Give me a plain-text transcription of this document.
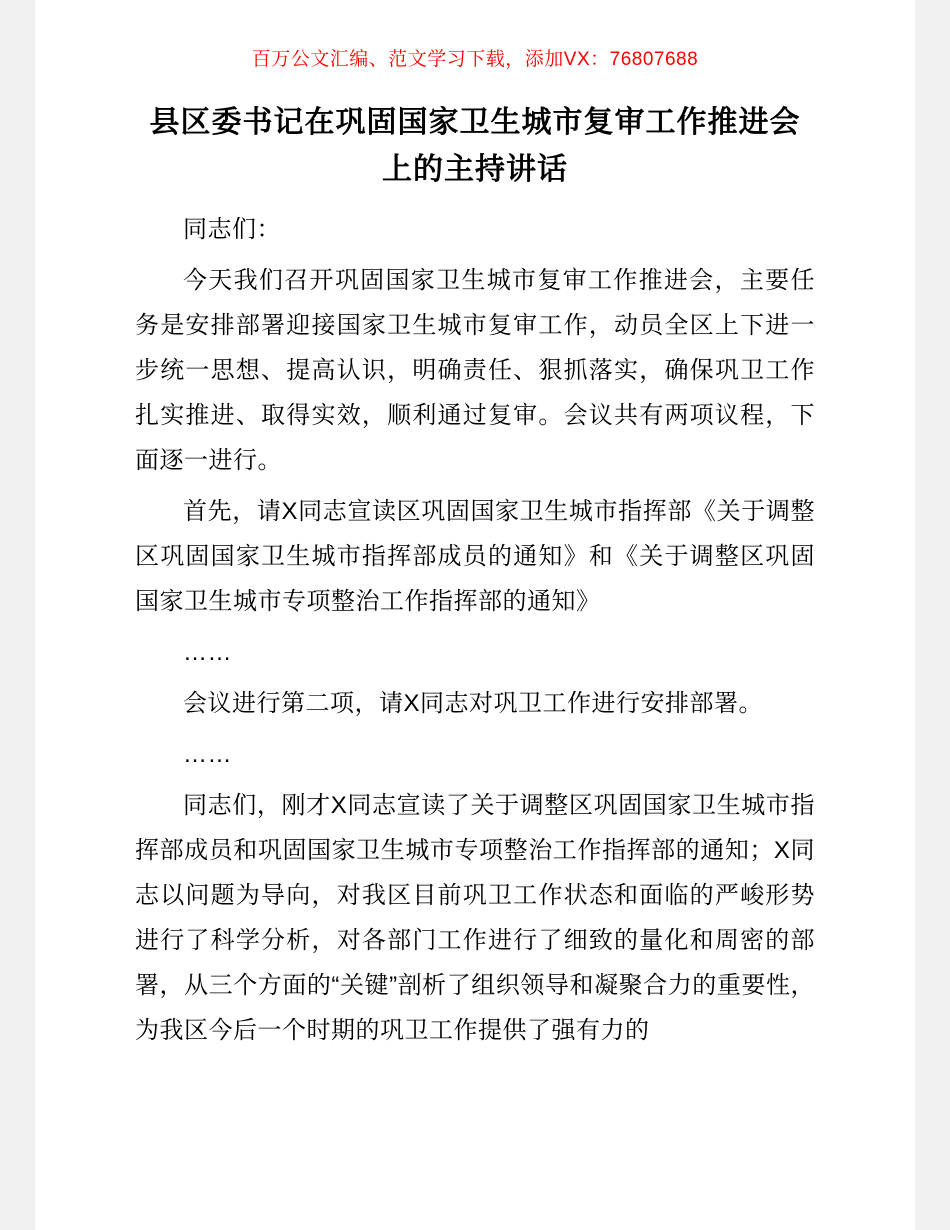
百万公文汇编、范文学习下载，添加VX：76807688
县区委书记在巩固国家卫生城市复审工作推进会上的主持讲话

同志们：

今天我们召开巩固国家卫生城市复审工作推进会，主要任务是安排部署迎接国家卫生城市复审工作，动员全区上下进一步统一思想、提高认识，明确责任、狠抓落实，确保巩卫工作扎实推进、取得实效，顺利通过复审。会议共有两项议程，下面逐一进行。

首先，请X同志宣读区巩固国家卫生城市指挥部《关于调整区巩固国家卫生城市指挥部成员的通知》和《关于调整区巩固国家卫生城市专项整治工作指挥部的通知》

……

会议进行第二项，请X同志对巩卫工作进行安排部署。

……

同志们，刚才X同志宣读了关于调整区巩固国家卫生城市指挥部成员和巩固国家卫生城市专项整治工作指挥部的通知；X同志以问题为导向，对我区目前巩卫工作状态和面临的严峻形势进行了科学分析，对各部门工作进行了细致的量化和周密的部署，从三个方面的“关键”剖析了组织领导和凝聚合力的重要性，为我区今后一个时期的巩卫工作提供了强有力的
